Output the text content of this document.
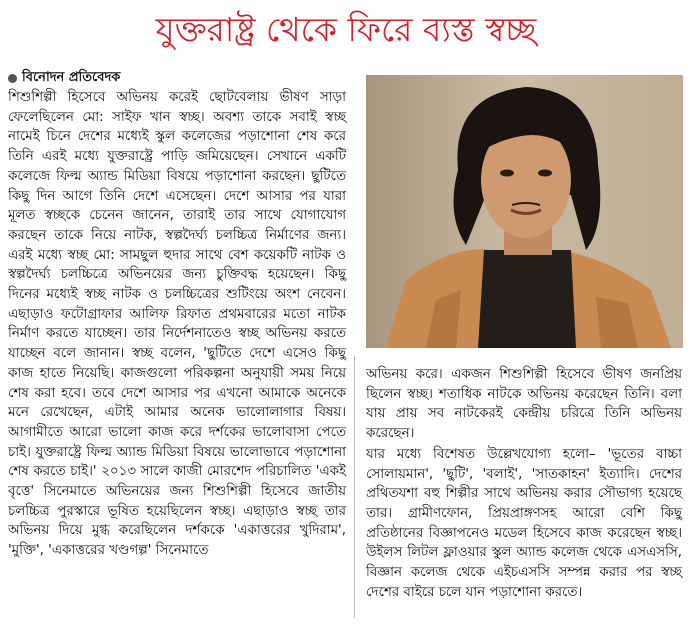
যুক্তরাষ্ট্র থেকে ফিরে ব্যস্ত স্বচ্ছ
বিনোদন প্রতিবেদক

শিশুশিল্পী হিসেবে অভিনয় করেই ছোটবেলায় ভীষণ সাড়া ফেলেছিলেন মো: সাইফ খান স্বচ্ছ। অবশ্য তাকে সবাই স্বচ্ছ নামেই চিনে দেশের মধ্যেই স্কুল কলেজের পড়াশোনা শেষ করে তিনি এরই মধ্যে যুক্তরাষ্ট্রে পাড়ি জমিয়েছেন। সেখানে একটি কলেজে ফিল্ম অ্যান্ড মিডিয়া বিষয়ে পড়াশোনা করছেন। ছুটিতে কিছু দিন আগে তিনি দেশে এসেছেন। দেশে আসার পর যারা মূলত স্বচ্ছকে চেনেন জানেন, তারাই তার সাথে যোগাযোগ করছেন তাকে নিয়ে নাটক, স্বল্পদৈর্ঘ্য চলচ্চিত্র নির্মাণের জন্য। এরই মধ্যে স্বচ্ছ মো: সামছুল হুদার সাথে বেশ কয়েকটি নাটক ও স্বল্পদৈর্ঘ্য চলচ্চিত্রে অভিনয়ের জন্য চুক্তিবদ্ধ হয়েছেন। কিছু দিনের মধ্যেই স্বচ্ছ নাটক ও চলচ্চিত্রের শুটিংয়ে অংশ নেবেন। এছাড়াও ফটোগ্রাফার আলিফ রিফাত প্রথমবারের মতো নাটক নির্মাণ করতে যাচ্ছেন। তার নির্দেশনাতেও স্বচ্ছ অভিনয় করতে যাচ্ছেন বলে জানান। স্বচ্ছ বলেন, 'ছুটিতে দেশে এসেও কিছু কাজ হাতে নিয়েছি। কাজগুলো পরিকল্পনা অনুযায়ী সময় নিয়ে শেষ করা হবে। তবে দেশে আসার পর এখনো আমাকে অনেকে মনে রেখেছেন, এটাই আমার অনেক ভালোলাগার বিষয়। আগামীতে আরো ভালো কাজ করে দর্শকের ভালোবাসা পেতে চাই। যুক্তরাষ্ট্রে ফিল্ম অ্যান্ড মিডিয়া বিষয়ে ভালোভাবে পড়াশোনা শেষ করতে চাই।' ২০১৩ সালে কাজী মোরশেদ পরিচালিত 'একই বৃত্তে' সিনেমাতে অভিনয়ের জন্য শিশুশিল্পী হিসেবে জাতীয় চলচ্চিত্র পুরস্কারে ভূষিত হয়েছিলেন স্বচ্ছ। এছাড়াও স্বচ্ছ তার অভিনয় দিয়ে মুগ্ধ করেছিলেন দর্শককে 'একাত্তরের খুদিরাম', 'মুক্তি', 'একাত্তরের খণ্ডগল্প' সিনেমাতে

অভিনয় করে। একজন শিশুশিল্পী হিসেবে ভীষণ জনপ্রিয় ছিলেন স্বচ্ছ। শতাধিক নাটকে অভিনয় করেছেন তিনি। বলা যায় প্রায় সব নাটকেরই কেন্দ্রীয় চরিত্রে তিনি অভিনয় করেছেন।

যার মধ্যে বিশেষত উল্লেখযোগ্য হলো– 'ভূতের বাচ্চা সোলায়মান', 'ছুটি', 'বলাই', 'সাতকাহন' ইত্যাদি। দেশের প্রথিতযশা বহু শিল্পীর সাথে অভিনয় করার সৌভাগ্য হয়েছে তার। গ্রামীণফোন, প্রিয়প্রাঙ্গণসহ আরো বেশি কিছু প্রতিষ্ঠানের বিজ্ঞাপনেও মডেল হিসেবে কাজ করেছেন স্বচ্ছ। উইলস লিটল ফ্লাওয়ার স্কুল অ্যান্ড কলেজ থেকে এসএসসি, বিজ্ঞান কলেজ থেকে এইচএসসি সম্পন্ন করার পর স্বচ্ছ দেশের বাইরে চলে যান পড়াশোনা করতে।
